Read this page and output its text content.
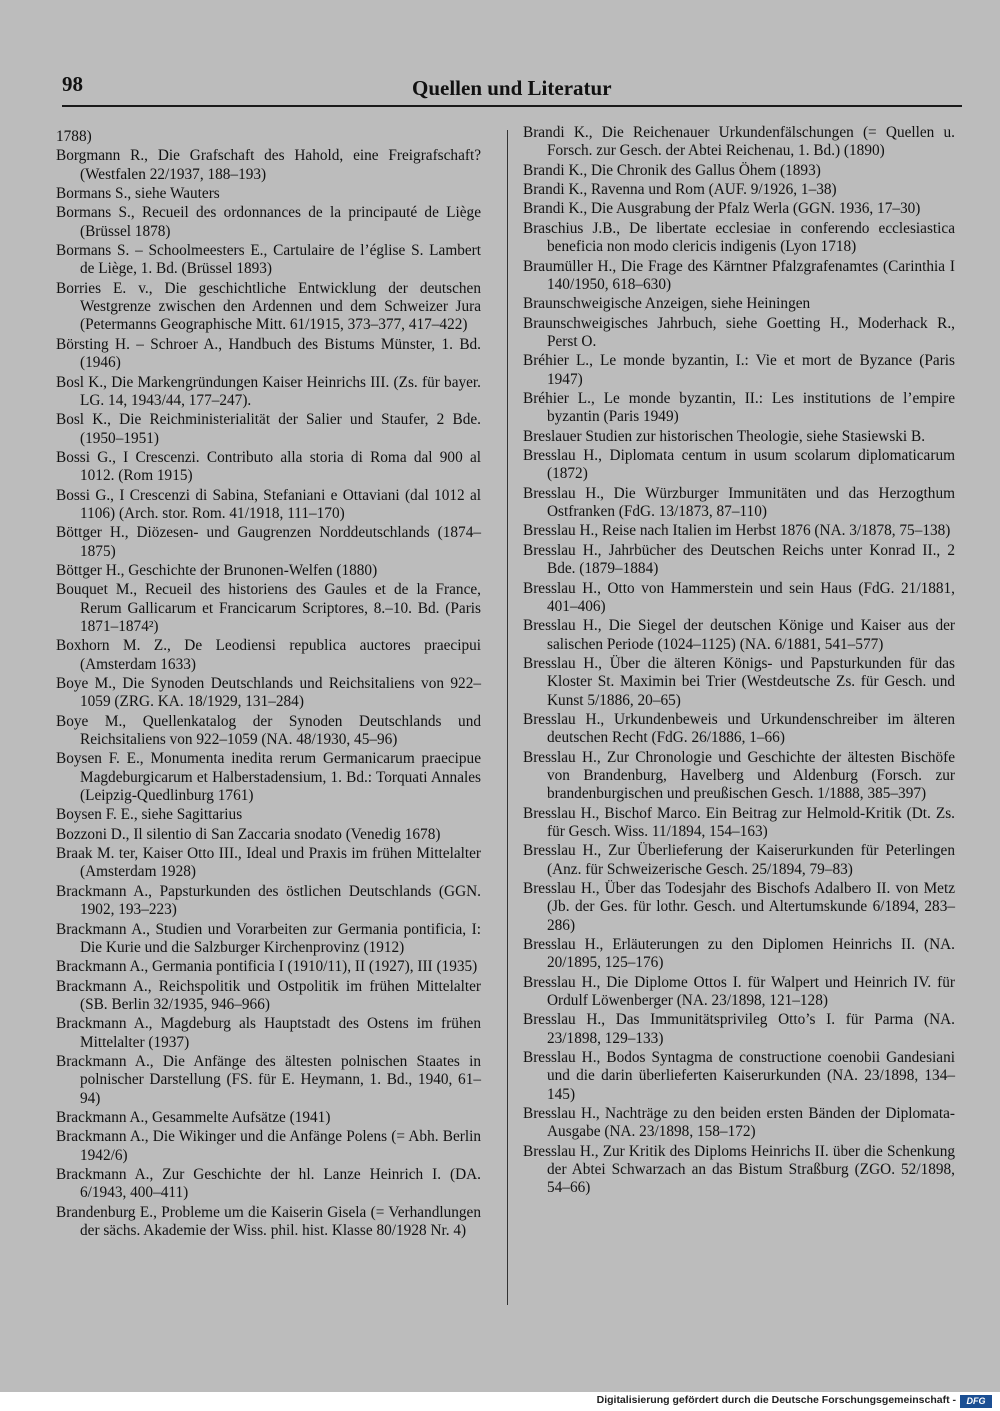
98	Quellen und Literatur

1788)

Borgmann R., Die Grafschaft des Hahold, eine Freigrafschaft? (Westfalen 22/1937, 188–193)

Bormans S., siehe Wauters

Bormans S., Recueil des ordonnances de la principauté de Liège (Brüssel 1878)

Bormans S. – Schoolmeesters E., Cartulaire de l’église S. Lambert de Liège, 1. Bd. (Brüssel 1893)

Borries E. v., Die geschichtliche Entwicklung der deutschen Westgrenze zwischen den Ardennen und dem Schweizer Jura (Petermanns Geographische Mitt. 61/1915, 373–377, 417–422)

Börsting H. – Schroer A., Handbuch des Bistums Münster, 1. Bd. (1946)

Bosl K., Die Markengründungen Kaiser Heinrichs III. (Zs. für bayer. LG. 14, 1943/44, 177–247).

Bosl K., Die Reichministerialität der Salier und Staufer, 2 Bde. (1950–1951)

Bossi G., I Crescenzi. Contributo alla storia di Roma dal 900 al 1012. (Rom 1915)

Bossi G., I Crescenzi di Sabina, Stefaniani e Ottaviani (dal 1012 al 1106) (Arch. stor. Rom. 41/1918, 111–170)

Böttger H., Diözesen- und Gaugrenzen Norddeutschlands (1874–1875)

Böttger H., Geschichte der Brunonen-Welfen (1880)

Bouquet M., Recueil des historiens des Gaules et de la France, Rerum Gallicarum et Francicarum Scriptores, 8.–10. Bd. (Paris 1871–1874²)

Boxhorn M. Z., De Leodiensi republica auctores praecipui (Amsterdam 1633)

Boye M., Die Synoden Deutschlands und Reichsitaliens von 922–1059 (ZRG. KA. 18/1929, 131–284)

Boye M., Quellenkatalog der Synoden Deutschlands und Reichsitaliens von 922–1059 (NA. 48/1930, 45–96)

Boysen F. E., Monumenta inedita rerum Germanicarum praecipue Magdeburgicarum et Halberstadensium, 1. Bd.: Torquati Annales (Leipzig-Quedlinburg 1761)

Boysen F. E., siehe Sagittarius

Bozzoni D., Il silentio di San Zaccaria snodato (Venedig 1678)

Braak M. ter, Kaiser Otto III., Ideal und Praxis im frühen Mittelalter (Amsterdam 1928)

Brackmann A., Papsturkunden des östlichen Deutschlands (GGN. 1902, 193–223)

Brackmann A., Studien und Vorarbeiten zur Germania pontificia, I: Die Kurie und die Salzburger Kirchenprovinz (1912)

Brackmann A., Germania pontificia I (1910/11), II (1927), III (1935)

Brackmann A., Reichspolitik und Ostpolitik im frühen Mittelalter (SB. Berlin 32/1935, 946–966)

Brackmann A., Magdeburg als Hauptstadt des Ostens im frühen Mittelalter (1937)

Brackmann A., Die Anfänge des ältesten polnischen Staates in polnischer Darstellung (FS. für E. Heymann, 1. Bd., 1940, 61–94)

Brackmann A., Gesammelte Aufsätze (1941)

Brackmann A., Die Wikinger und die Anfänge Polens (= Abh. Berlin 1942/6)

Brackmann A., Zur Geschichte der hl. Lanze Heinrich I. (DA. 6/1943, 400–411)

Brandenburg E., Probleme um die Kaiserin Gisela (= Verhandlungen der sächs. Akademie der Wiss. phil. hist. Klasse 80/1928 Nr. 4)

Brandi K., Die Reichenauer Urkundenfälschungen (= Quellen u. Forsch. zur Gesch. der Abtei Reichenau, 1. Bd.) (1890)

Brandi K., Die Chronik des Gallus Öhem (1893)

Brandi K., Ravenna und Rom (AUF. 9/1926, 1–38)

Brandi K., Die Ausgrabung der Pfalz Werla (GGN. 1936, 17–30)

Braschius J.B., De libertate ecclesiae in conferendo ecclesiastica beneficia non modo clericis indigenis (Lyon 1718)

Braumüller H., Die Frage des Kärntner Pfalzgrafenamtes (Carinthia I 140/1950, 618–630)

Braunschweigische Anzeigen, siehe Heiningen

Braunschweigisches Jahrbuch, siehe Goetting H., Moderhack R., Perst O.

Bréhier L., Le monde byzantin, I.: Vie et mort de Byzance (Paris 1947)

Bréhier L., Le monde byzantin, II.: Les institutions de l’empire byzantin (Paris 1949)

Breslauer Studien zur historischen Theologie, siehe Stasiewski B.

Bresslau H., Diplomata centum in usum scolarum diplomaticarum (1872)

Bresslau H., Die Würzburger Immunitäten und das Herzogthum Ostfranken (FdG. 13/1873, 87–110)

Bresslau H., Reise nach Italien im Herbst 1876 (NA. 3/1878, 75–138)

Bresslau H., Jahrbücher des Deutschen Reichs unter Konrad II., 2 Bde. (1879–1884)

Bresslau H., Otto von Hammerstein und sein Haus (FdG. 21/1881, 401–406)

Bresslau H., Die Siegel der deutschen Könige und Kaiser aus der salischen Periode (1024–1125) (NA. 6/1881, 541–577)

Bresslau H., Über die älteren Königs- und Papsturkunden für das Kloster St. Maximin bei Trier (Westdeutsche Zs. für Gesch. und Kunst 5/1886, 20–65)

Bresslau H., Urkundenbeweis und Urkundenschreiber im älteren deutschen Recht (FdG. 26/1886, 1–66)

Bresslau H., Zur Chronologie und Geschichte der ältesten Bischöfe von Brandenburg, Havelberg und Aldenburg (Forsch. zur brandenburgischen und preußischen Gesch. 1/1888, 385–397)

Bresslau H., Bischof Marco. Ein Beitrag zur Helmold-Kritik (Dt. Zs. für Gesch. Wiss. 11/1894, 154–163)

Bresslau H., Zur Überlieferung der Kaiserurkunden für Peterlingen (Anz. für Schweizerische Gesch. 25/1894, 79–83)

Bresslau H., Über das Todesjahr des Bischofs Adalbero II. von Metz (Jb. der Ges. für lothr. Gesch. und Altertumskunde 6/1894, 283–286)

Bresslau H., Erläuterungen zu den Diplomen Heinrichs II. (NA. 20/1895, 125–176)

Bresslau H., Die Diplome Ottos I. für Walpert und Heinrich IV. für Ordulf Löwenberger (NA. 23/1898, 121–128)

Bresslau H., Das Immunitätsprivileg Otto’s I. für Parma (NA. 23/1898, 129–133)

Bresslau H., Bodos Syntagma de constructione coenobii Gandesiani und die darin überlieferten Kaiserurkunden (NA. 23/1898, 134–145)

Bresslau H., Nachträge zu den beiden ersten Bänden der Diplomata-Ausgabe (NA. 23/1898, 158–172)

Bresslau H., Zur Kritik des Diploms Heinrichs II. über die Schenkung der Abtei Schwarzach an das Bistum Straßburg (ZGO. 52/1898, 54–66)

Digitalisierung gefördert durch die Deutsche Forschungsgemeinschaft -	DFG
